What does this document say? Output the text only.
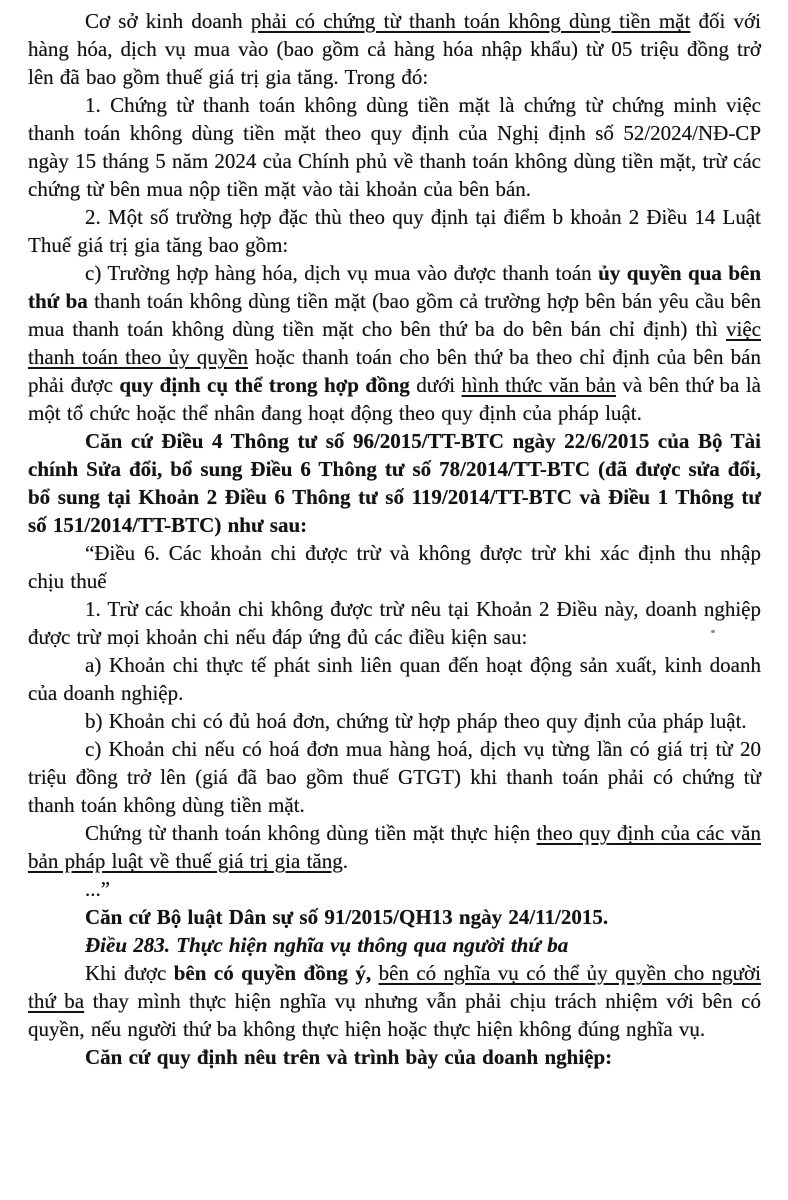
Cơ sở kinh doanh phải có chứng từ thanh toán không dùng tiền mặt đối với hàng hóa, dịch vụ mua vào (bao gồm cả hàng hóa nhập khẩu) từ 05 triệu đồng trở lên đã bao gồm thuế giá trị gia tăng. Trong đó:

1. Chứng từ thanh toán không dùng tiền mặt là chứng từ chứng minh việc thanh toán không dùng tiền mặt theo quy định của Nghị định số 52/2024/NĐ-CP ngày 15 tháng 5 năm 2024 của Chính phủ về thanh toán không dùng tiền mặt, trừ các chứng từ bên mua nộp tiền mặt vào tài khoản của bên bán.

2. Một số trường hợp đặc thù theo quy định tại điểm b khoản 2 Điều 14 Luật Thuế giá trị gia tăng bao gồm:

c) Trường hợp hàng hóa, dịch vụ mua vào được thanh toán ủy quyền qua bên thứ ba thanh toán không dùng tiền mặt (bao gồm cả trường hợp bên bán yêu cầu bên mua thanh toán không dùng tiền mặt cho bên thứ ba do bên bán chỉ định) thì việc thanh toán theo ủy quyền hoặc thanh toán cho bên thứ ba theo chỉ định của bên bán phải được quy định cụ thể trong hợp đồng dưới hình thức văn bản và bên thứ ba là một tổ chức hoặc thể nhân đang hoạt động theo quy định của pháp luật.

Căn cứ Điều 4 Thông tư số 96/2015/TT-BTC ngày 22/6/2015 của Bộ Tài chính Sửa đổi, bổ sung Điều 6 Thông tư số 78/2014/TT-BTC (đã được sửa đổi, bổ sung tại Khoản 2 Điều 6 Thông tư số 119/2014/TT-BTC và Điều 1 Thông tư số 151/2014/TT-BTC) như sau:

“Điều 6. Các khoản chi được trừ và không được trừ khi xác định thu nhập chịu thuế

1. Trừ các khoản chi không được trừ nêu tại Khoản 2 Điều này, doanh nghiệp được trừ mọi khoản chi nếu đáp ứng đủ các điều kiện sau:

a) Khoản chi thực tế phát sinh liên quan đến hoạt động sản xuất, kinh doanh của doanh nghiệp.

b) Khoản chi có đủ hoá đơn, chứng từ hợp pháp theo quy định của pháp luật.

c) Khoản chi nếu có hoá đơn mua hàng hoá, dịch vụ từng lần có giá trị từ 20 triệu đồng trở lên (giá đã bao gồm thuế GTGT) khi thanh toán phải có chứng từ thanh toán không dùng tiền mặt.

Chứng từ thanh toán không dùng tiền mặt thực hiện theo quy định của các văn bản pháp luật về thuế giá trị gia tăng.

...”

Căn cứ Bộ luật Dân sự số 91/2015/QH13 ngày 24/11/2015.

Điều 283. Thực hiện nghĩa vụ thông qua người thứ ba

Khi được bên có quyền đồng ý, bên có nghĩa vụ có thể ủy quyền cho người thứ ba thay mình thực hiện nghĩa vụ nhưng vẫn phải chịu trách nhiệm với bên có quyền, nếu người thứ ba không thực hiện hoặc thực hiện không đúng nghĩa vụ.

Căn cứ quy định nêu trên và trình bày của doanh nghiệp:
